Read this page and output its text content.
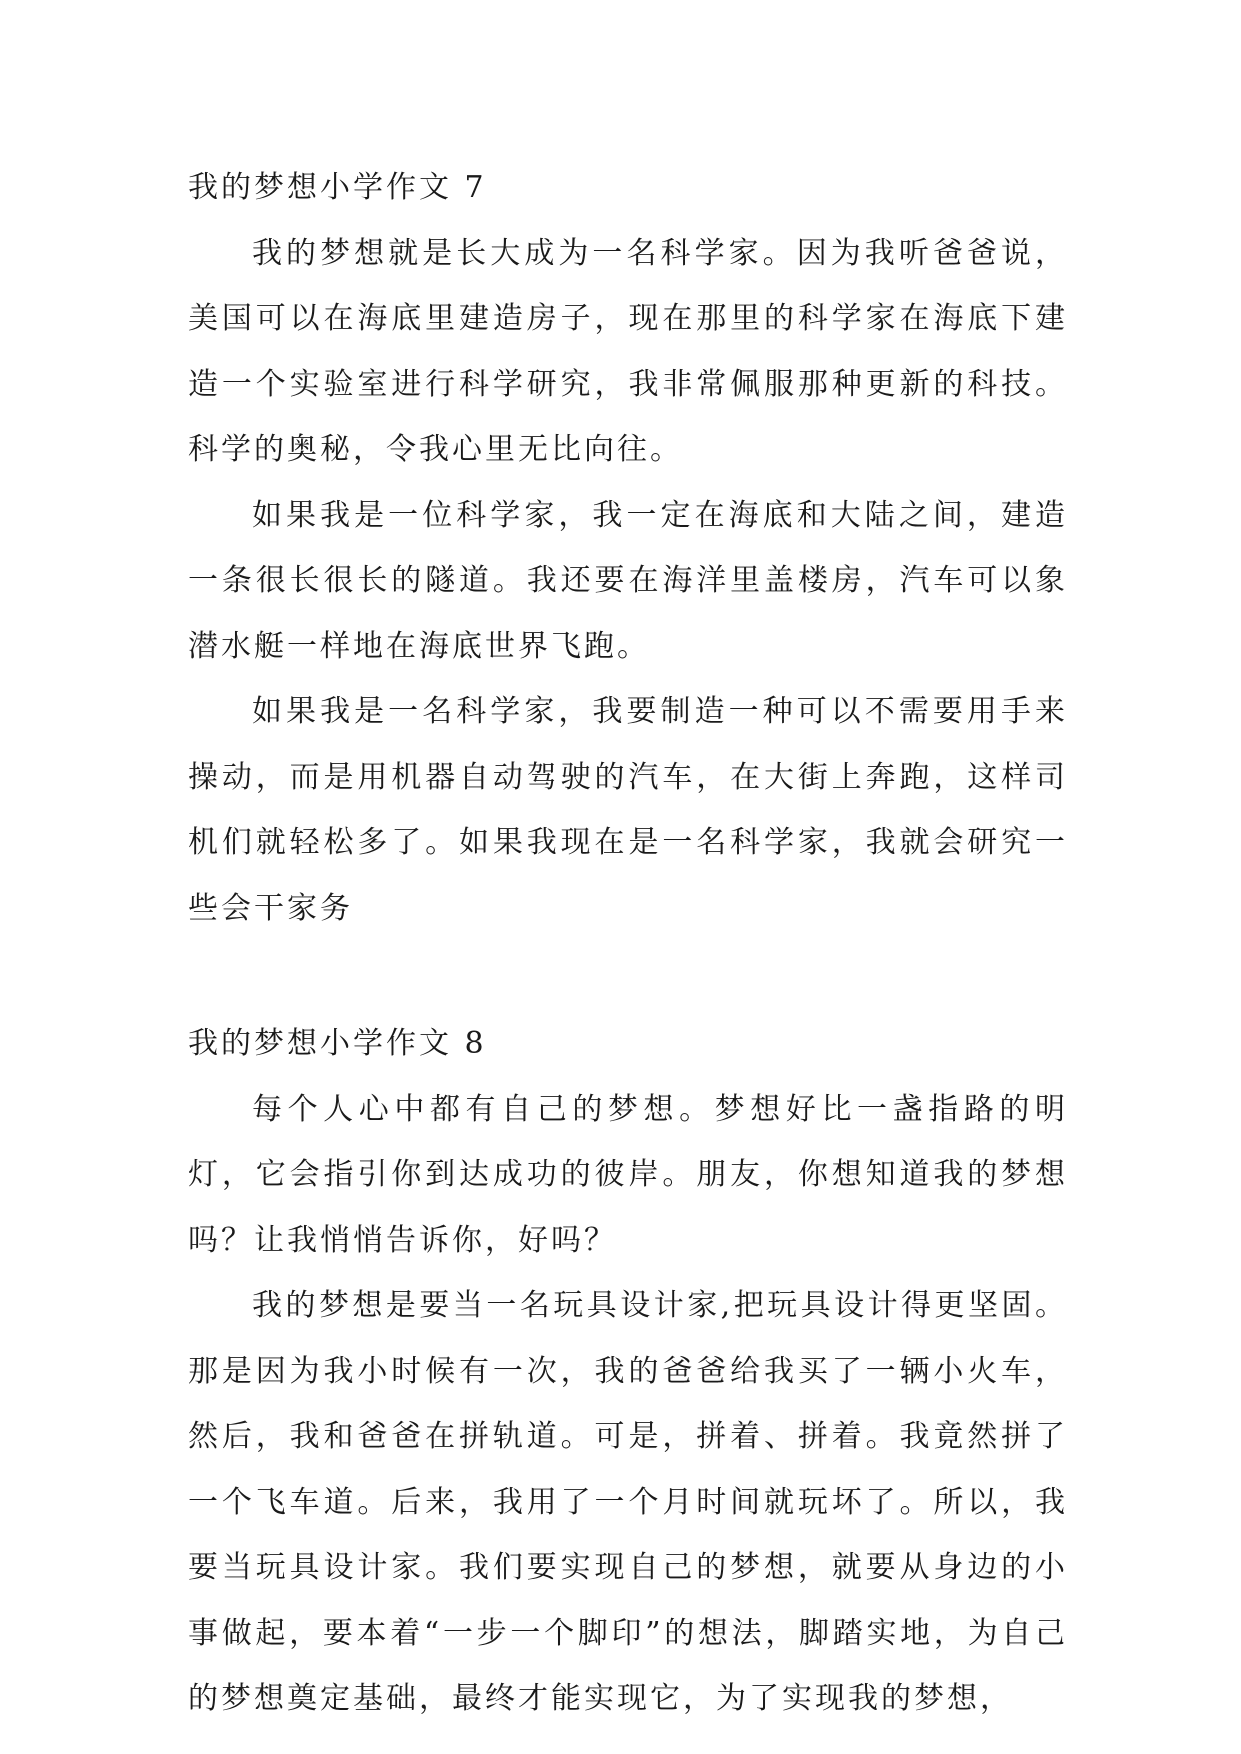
我的梦想小学作文 7

我的梦想就是长大成为一名科学家。因为我听爸爸说，美国可以在海底里建造房子，现在那里的科学家在海底下建造一个实验室进行科学研究，我非常佩服那种更新的科技。科学的奥秘，令我心里无比向往。

如果我是一位科学家，我一定在海底和大陆之间，建造一条很长很长的隧道。我还要在海洋里盖楼房，汽车可以象潜水艇一样地在海底世界飞跑。

如果我是一名科学家，我要制造一种可以不需要用手来操动，而是用机器自动驾驶的汽车，在大街上奔跑，这样司机们就轻松多了。如果我现在是一名科学家，我就会研究一些会干家务

我的梦想小学作文 8

每个人心中都有自己的梦想。梦想好比一盏指路的明灯，它会指引你到达成功的彼岸。朋友，你想知道我的梦想吗？让我悄悄告诉你，好吗？

我的梦想是要当一名玩具设计家,把玩具设计得更坚固。那是因为我小时候有一次，我的爸爸给我买了一辆小火车，然后，我和爸爸在拼轨道。可是，拼着、拼着。我竟然拼了一个飞车道。后来，我用了一个月时间就玩坏了。所以，我要当玩具设计家。我们要实现自己的梦想，就要从身边的小事做起，要本着“一步一个脚印”的想法，脚踏实地，为自己的梦想奠定基础，最终才能实现它，为了实现我的梦想，
